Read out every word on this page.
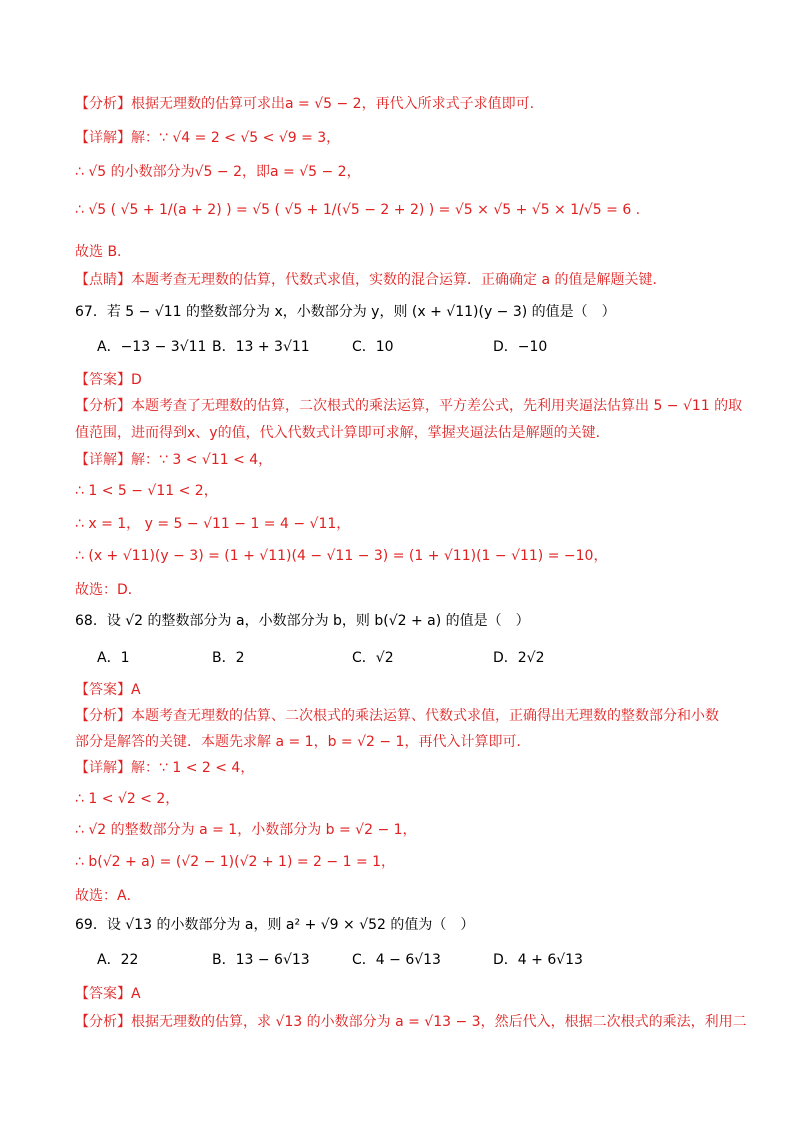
【分析】根据无理数的估算可求出a = √5 − 2，再代入所求式子求值即可.
【详解】解：∵ √4 = 2 < √5 < √9 = 3，
∴ √5 的小数部分为√5 − 2，即a = √5 − 2，
∴ √5 ( √5 + 1/(a + 2) ) = √5 ( √5 + 1/(√5 − 2 + 2) ) = √5 × √5 + √5 × 1/√5 = 6 .
故选 B.
【点睛】本题考查无理数的估算，代数式求值，实数的混合运算．正确确定 a 的值是解题关键．
67．若 5 − √11 的整数部分为 x，小数部分为 y，则 (x + √11)(y − 3) 的值是（　）
A．−13 − 3√11 B．13 + 3√11	C．10	D．−10
【答案】D
【分析】本题考查了无理数的估算，二次根式的乘法运算，平方差公式，先利用夹逼法估算出 5 − √11 的取
值范围，进而得到x、y的值，代入代数式计算即可求解，掌握夹逼法估是解题的关键．
【详解】解：∵ 3 < √11 < 4，
∴ 1 < 5 − √11 < 2，
∴ x = 1， y = 5 − √11 − 1 = 4 − √11，
∴ (x + √11)(y − 3) = (1 + √11)(4 − √11 − 3) = (1 + √11)(1 − √11) = −10，
故选：D．
68．设 √2 的整数部分为 a，小数部分为 b，则 b(√2 + a) 的值是（　）
A．1	B．2	C．√2	D．2√2
【答案】A
【分析】本题考查无理数的估算、二次根式的乘法运算、代数式求值，正确得出无理数的整数部分和小数
部分是解答的关键．本题先求解 a = 1，b = √2 − 1，再代入计算即可．
【详解】解：∵ 1 < 2 < 4，
∴ 1 < √2 < 2，
∴ √2 的整数部分为 a = 1，小数部分为 b = √2 − 1，
∴ b(√2 + a) = (√2 − 1)(√2 + 1) = 2 − 1 = 1，
故选：A．
69．设 √13 的小数部分为 a，则 a² + √9 × √52 的值为（　）
A．22	B．13 − 6√13	C．4 − 6√13	D．4 + 6√13
【答案】A
【分析】根据无理数的估算，求 √13 的小数部分为 a = √13 − 3，然后代入，根据二次根式的乘法，利用二
